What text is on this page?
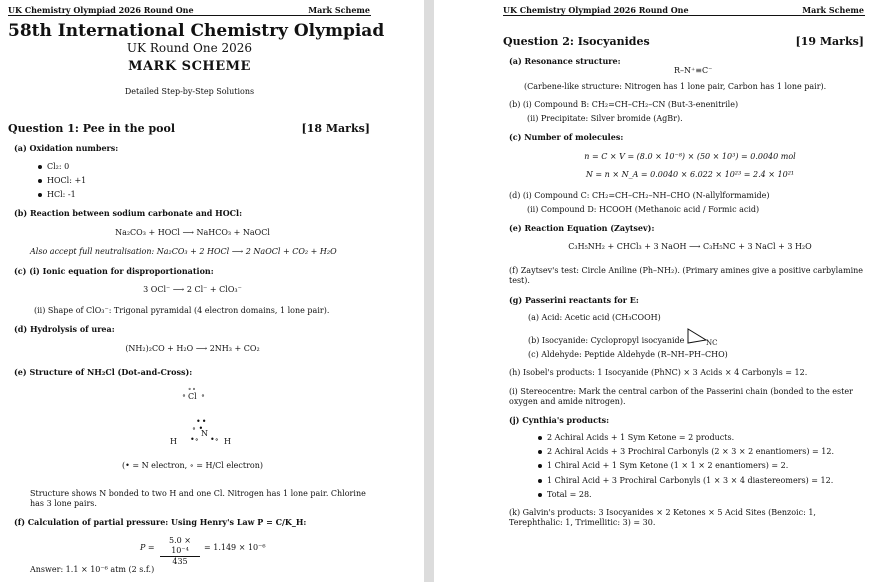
UK Chemistry Olympiad 2026 Round One	Mark Scheme
58th International Chemistry Olympiad
UK Round One 2026
MARK SCHEME
Detailed Step-by-Step Solutions
Question 1: Pee in the pool	[18 Marks]
(a) Oxidation numbers:
Cl₂: 0
HOCl: +1
HCl: -1
(b) Reaction between sodium carbonate and HOCl:
Na₂CO₃ + HOCl ⟶ NaHCO₃ + NaOCl
Also accept full neutralisation: Na₂CO₃ + 2 HOCl ⟶ 2 NaOCl + CO₂ + H₂O
(c) (i) Ionic equation for disproportionation:
3 OCl⁻ ⟶ 2 Cl⁻ + ClO₃⁻
(ii) Shape of ClO₃⁻: Trigonal pyramidal (4 electron domains, 1 lone pair).
(d) Hydrolysis of urea:
(NH₂)₂CO + H₂O ⟶ 2NH₃ + CO₂
(e) Structure of NH₂Cl (Dot-and-Cross):
∘∘
∘ Cl ∘
••
∘ •
N
H	H
•∘ •∘
(• = N electron, ∘ = H/Cl electron)
Structure shows N bonded to two H and one Cl. Nitrogen has 1 lone pair. Chlorine has 3 lone pairs.
(f) Calculation of partial pressure: Using Henry's Law P = C/K_H:
$P = \frac{\text{5.0 × 10⁻⁴}}{435} = 1.149 \times 10^{-6}$
Answer: 1.1 × 10⁻⁶ atm (2 s.f.)
UK Chemistry Olympiad 2026 Round One	Mark Scheme
Question 2: Isocyanides	[19 Marks]
(a) Resonance structure:
R–N⁺≡C⁻
(Carbene-like structure: Nitrogen has 1 lone pair, Carbon has 1 lone pair).
(b) (i) Compound B: CH₂=CH–CH₂–CN (But-3-enenitrile)
(ii) Precipitate: Silver bromide (AgBr).
(c) Number of molecules:
n = C × V = (8.0 × 10⁻⁸) × (50 × 10³) = 0.0040 mol
N = n × N_A = 0.0040 × 6.022 × 10²³ = 2.4 × 10²¹
(d) (i) Compound C: CH₂=CH–CH₂–NH–CHO (N-allylformamide)
(ii) Compound D: HCOOH (Methanoic acid / Formic acid)
(e) Reaction Equation (Zaytsev):
C₃H₅NH₂ + CHCl₃ + 3 NaOH ⟶ C₃H₅NC + 3 NaCl + 3 H₂O
(f) Zaytsev's test: Circle Aniline (Ph–NH₂). (Primary amines give a positive carbylamine test).
(g) Passerini reactants for E:
(a) Acid: Acetic acid (CH₃COOH)
(b) Isocyanide: Cyclopropyl isocyanide	NC
(c) Aldehyde: Peptide Aldehyde (R–NH–PH–CHO)
(h) Isobel's products: 1 Isocyanide (PhNC) × 3 Acids × 4 Carbonyls = 12.
(i) Stereocentre: Mark the central carbon of the Passerini chain (bonded to the ester oxygen and amide nitrogen).
(j) Cynthia's products:
2 Achiral Acids + 1 Sym Ketone = 2 products.
2 Achiral Acids + 3 Prochiral Carbonyls (2 × 3 × 2 enantiomers) = 12.
1 Chiral Acid + 1 Sym Ketone (1 × 1 × 2 enantiomers) = 2.
1 Chiral Acid + 3 Prochiral Carbonyls (1 × 3 × 4 diastereomers) = 12.
Total = 28.
(k) Galvin's products: 3 Isocyanides × 2 Ketones × 5 Acid Sites (Benzoic: 1, Terephthalic: 1, Trimellitic: 3) = 30.
